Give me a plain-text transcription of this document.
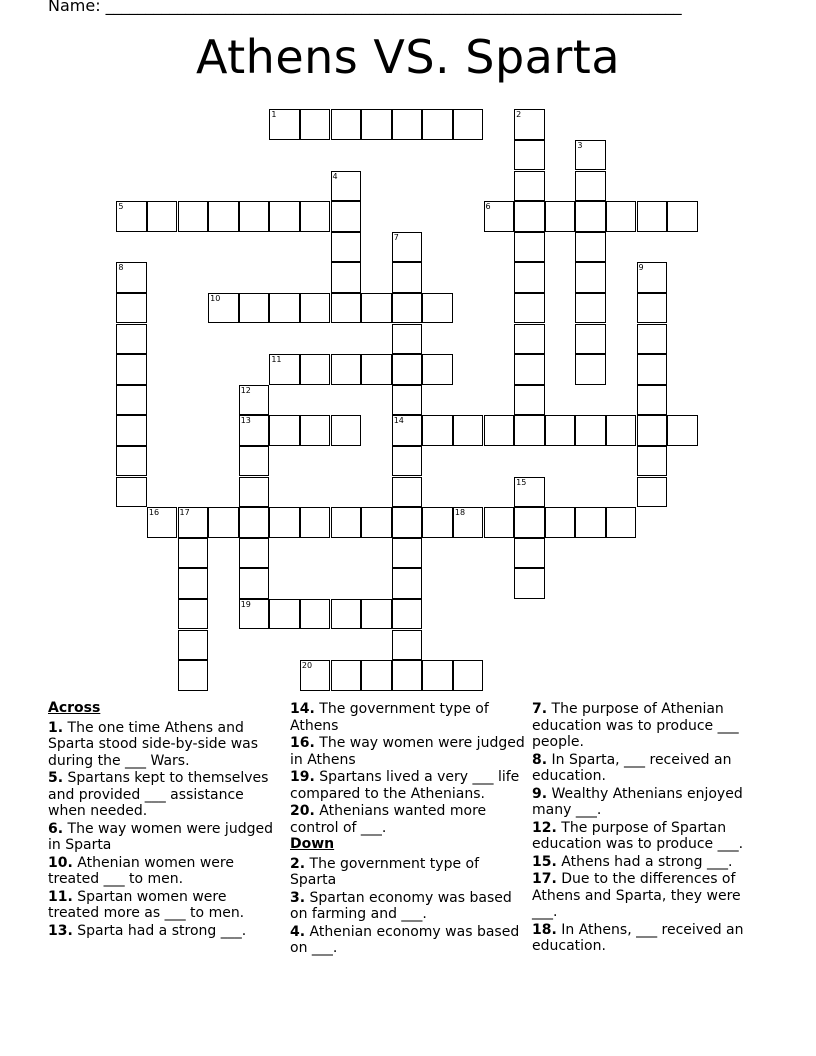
Name: ________________________________________________________________________
Athens VS. Sparta
1	2
3
4
5	6
7
14
8	9
10
11
12
13
19
15
16	17	18
20

Across

1. The one time Athens and Sparta stood side-by-side was during the ___ Wars.

5. Spartans kept to themselves and provided ___ assistance when needed.

6. The way women were judged in Sparta

10. Athenian women were treated ___ to men.

11. Spartan women were treated more as ___ to men.

13. Sparta had a strong ___.

14. The government type of Athens

16. The way women were judged in Athens

19. Spartans lived a very ___ life compared to the Athenians.

20. Athenians wanted more control of ___.

Down

2. The government type of Sparta

3. Spartan economy was based on farming and ___.

4. Athenian economy was based on ___.

7. The purpose of Athenian education was to produce ___ people.

8. In Sparta, ___ received an education.

9. Wealthy Athenians enjoyed many ___.

12. The purpose of Spartan education was to produce ___.

15. Athens had a strong ___.

17. Due to the differences of Athens and Sparta, they were ___.

18. In Athens, ___ received an education.
